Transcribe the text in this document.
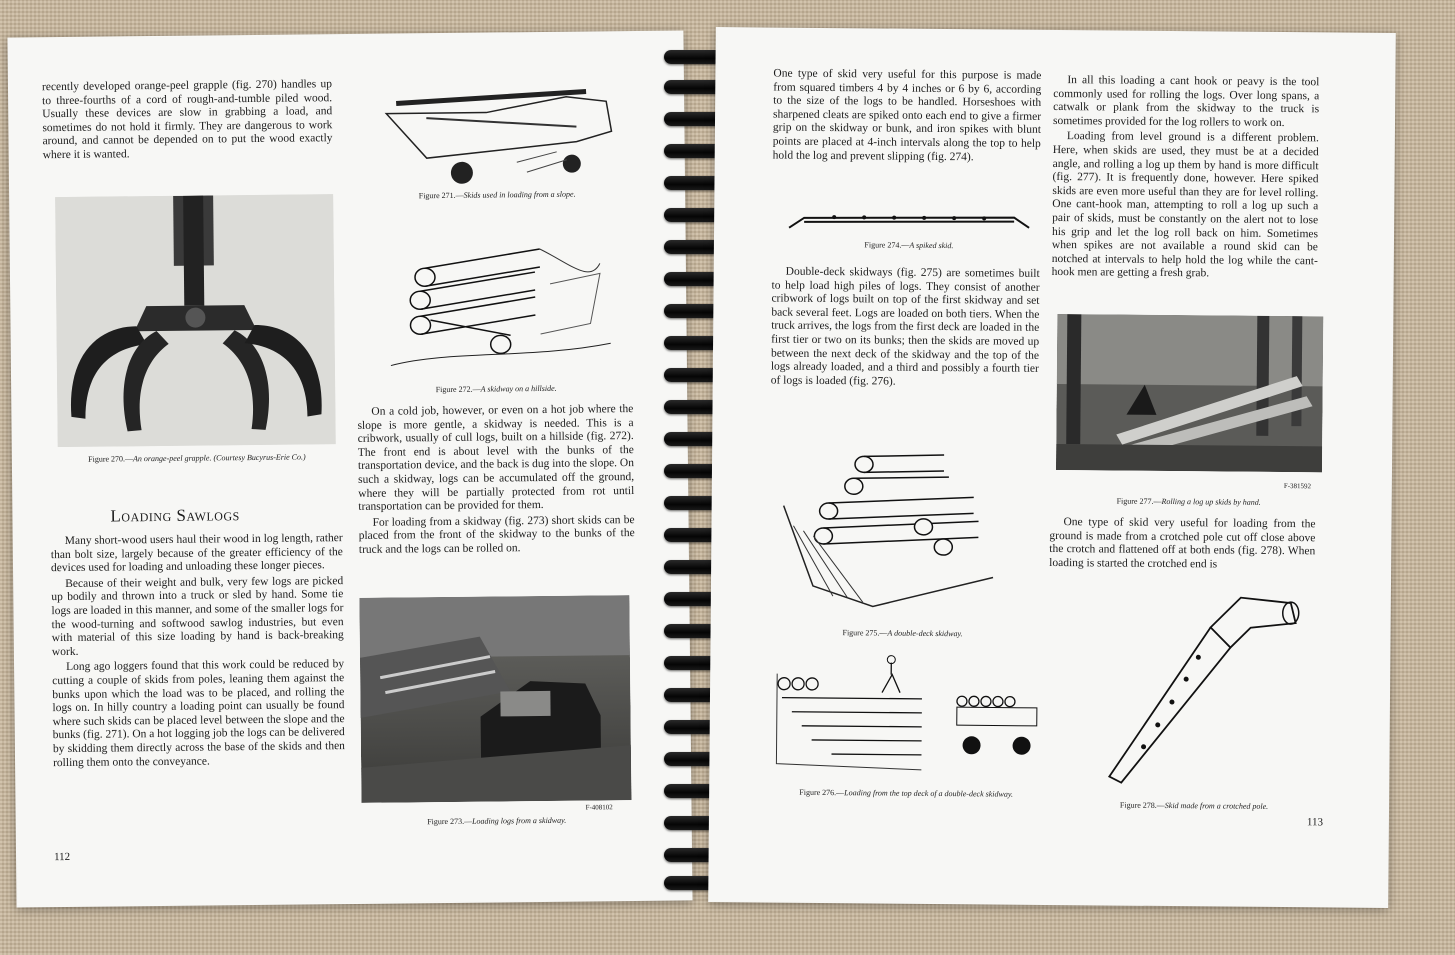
recently developed orange-peel grapple (fig. 270) handles up to three-fourths of a cord of rough-and-tumble piled wood. Usually these devices are slow in grabbing a load, and sometimes do not hold it firmly. They are dangerous to work around, and cannot be depended on to put the wood exactly where it is wanted.

Figure 270.—An orange-peel grapple. (Courtesy Bucyrus-Erie Co.)
Figure 271.—Skids used in loading from a slope.
Figure 272.—A skidway on a hillside.
Loading Sawlogs

Many short-wood users haul their wood in log length, rather than bolt size, largely because of the greater efficiency of the devices used for loading and unloading these longer pieces.

Because of their weight and bulk, very few logs are picked up bodily and thrown into a truck or sled by hand. Some tie logs are loaded in this manner, and some of the smaller logs for the wood-turning and softwood sawlog industries, but even with material of this size loading by hand is back-breaking work.

Long ago loggers found that this work could be reduced by cutting a couple of skids from poles, leaning them against the bunks upon which the load was to be placed, and rolling the logs on. In hilly country a loading point can usually be found where such skids can be placed level between the slope and the bunks (fig. 271). On a hot logging job the logs can be delivered by skidding them directly across the base of the skids and then rolling them onto the conveyance.

On a cold job, however, or even on a hot job where the slope is more gentle, a skidway is needed. This is a cribwork, usually of cull logs, built on a hillside (fig. 272). The front end is about level with the bunks of the transportation device, and the back is dug into the slope. On such a skidway, logs can be accumulated off the ground, where they will be partially protected from rot until transportation can be provided for them.

For loading from a skidway (fig. 273) short skids can be placed from the front of the skidway to the bunks of the truck and the logs can be rolled on.

F-408102
Figure 273.—Loading logs from a skidway.
112

One type of skid very useful for this purpose is made from squared timbers 4 by 4 inches or 6 by 6, according to the size of the logs to be handled. Horseshoes with sharpened cleats are spiked onto each end to give a firmer grip on the skidway or bunk, and iron spikes with blunt points are placed at 4-inch intervals along the top to help hold the log and prevent slipping (fig. 274).

Figure 274.—A spiked skid.

Double-deck skidways (fig. 275) are sometimes built to help load high piles of logs. They consist of another cribwork of logs built on top of the first skidway and set back several feet. Logs are loaded on both tiers. When the truck arrives, the logs from the first deck are loaded in the first tier or two on its bunks; then the skids are moved up between the next deck of the skidway and the top of the logs already loaded, and a third and possibly a fourth tier of logs is loaded (fig. 276).

Figure 275.—A double-deck skidway.
Figure 276.—Loading from the top deck of a double-deck skidway.

In all this loading a cant hook or peavy is the tool commonly used for rolling the logs. Over long spans, a catwalk or plank from the skidway to the truck is sometimes provided for the log rollers to work on.

Loading from level ground is a different problem. Here, when skids are used, they must be at a decided angle, and rolling a log up them by hand is more difficult (fig. 277). It is frequently done, however. Here spiked skids are even more useful than they are for level rolling. One cant-hook man, attempting to roll a log up such a pair of skids, must be constantly on the alert not to lose his grip and let the log roll back on him. Sometimes when spikes are not available a round skid can be notched at intervals to help hold the log while the cant-hook men are getting a fresh grab.

F-381592
Figure 277.—Rolling a log up skids by hand.

One type of skid very useful for loading from the ground is made from a crotched pole cut off close above the crotch and flattened off at both ends (fig. 278). When loading is started the crotched end is

Figure 278.—Skid made from a crotched pole.
113
